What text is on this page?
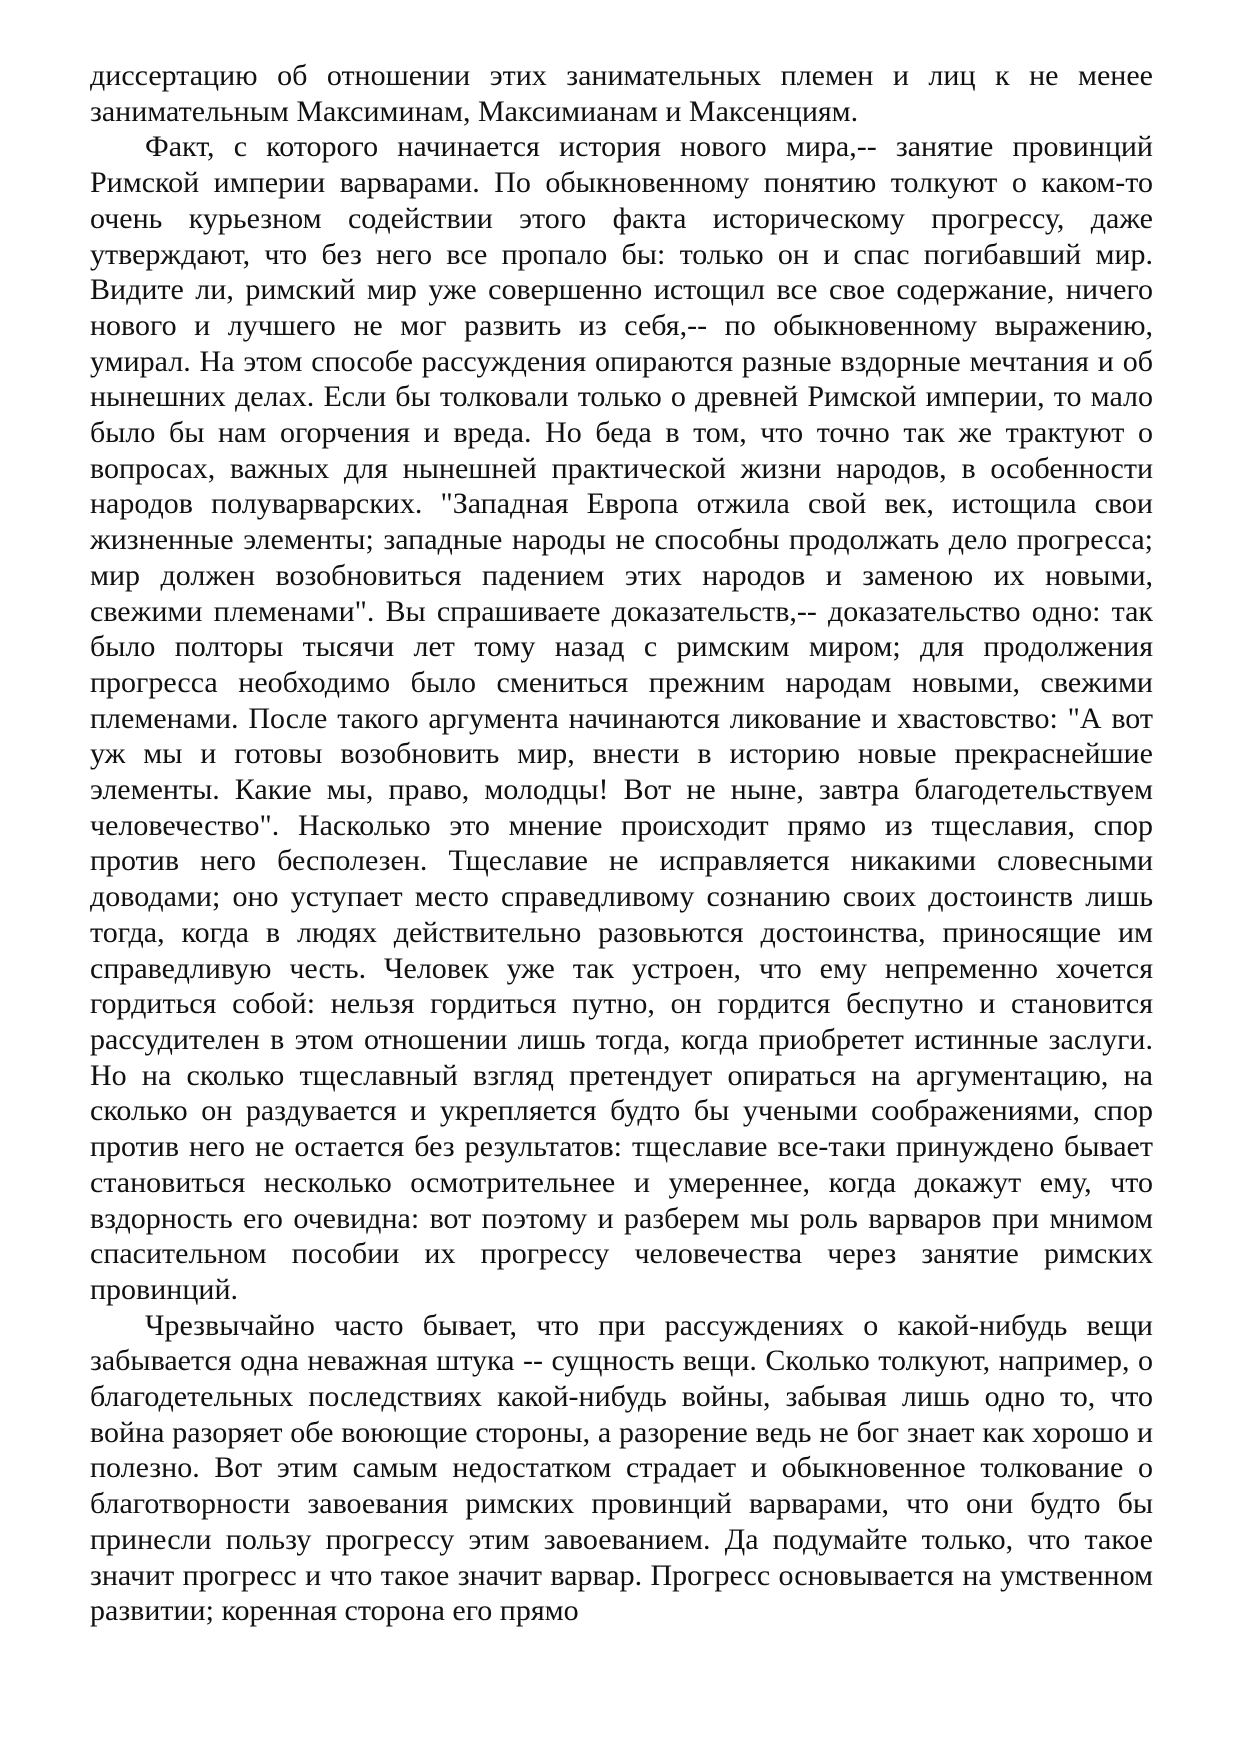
диссертацию об отношении этих занимательных племен и лиц к не менее занимательным Максиминам, Максимианам и Максенциям.

Факт, с которого начинается история нового мира,-- занятие провинций Римской империи варварами. По обыкновенному понятию толкуют о каком-то очень курьезном содействии этого факта историческому прогрессу, даже утверждают, что без него все пропало бы: только он и спас погибавший мир. Видите ли, римский мир уже совершенно истощил все свое содержание, ничего нового и лучшего не мог развить из себя,-- по обыкновенному выражению, умирал. На этом способе рассуждения опираются разные вздорные мечтания и об нынешних делах. Если бы толковали только о древней Римской империи, то мало было бы нам огорчения и вреда. Но беда в том, что точно так же трактуют о вопросах, важных для нынешней практической жизни народов, в особенности народов полуварварских. "Западная Европа отжила свой век, истощила свои жизненные элементы; западные народы не способны продолжать дело прогресса; мир должен возобновиться падением этих народов и заменою их новыми, свежими племенами". Вы спрашиваете доказательств,-- доказательство одно: так было полторы тысячи лет тому назад с римским миром; для продолжения прогресса необходимо было смениться прежним народам новыми, свежими племенами. После такого аргумента начинаются ликование и хвастовство: "А вот уж мы и готовы возобновить мир, внести в историю новые прекраснейшие элементы. Какие мы, право, молодцы! Вот не ныне, завтра благодетельствуем человечество". Насколько это мнение происходит прямо из тщеславия, спор против него бесполезен. Тщеславие не исправляется никакими словесными доводами; оно уступает место справедливому сознанию своих достоинств лишь тогда, когда в людях действительно разовьются достоинства, приносящие им справедливую честь. Человек уже так устроен, что ему непременно хочется гордиться собой: нельзя гордиться путно, он гордится беспутно и становится рассудителен в этом отношении лишь тогда, когда приобретет истинные заслуги. Но на сколько тщеславный взгляд претендует опираться на аргументацию, на сколько он раздувается и укрепляется будто бы учеными соображениями, спор против него не остается без результатов: тщеславие все-таки принуждено бывает становиться несколько осмотрительнее и умереннее, когда докажут ему, что вздорность его очевидна: вот поэтому и разберем мы роль варваров при мнимом спасительном пособии их прогрессу человечества через занятие римских провинций.

Чрезвычайно часто бывает, что при рассуждениях о какой-нибудь вещи забывается одна неважная штука -- сущность вещи. Сколько толкуют, например, о благодетельных последствиях какой-нибудь войны, забывая лишь одно то, что война разоряет обе воюющие стороны, а разорение ведь не бог знает как хорошо и полезно. Вот этим самым недостатком страдает и обыкновенное толкование о благотворности завоевания римских провинций варварами, что они будто бы принесли пользу прогрессу этим завоеванием. Да подумайте только, что такое значит прогресс и что такое значит варвар. Прогресс основывается на умственном развитии; коренная сторона его прямо
